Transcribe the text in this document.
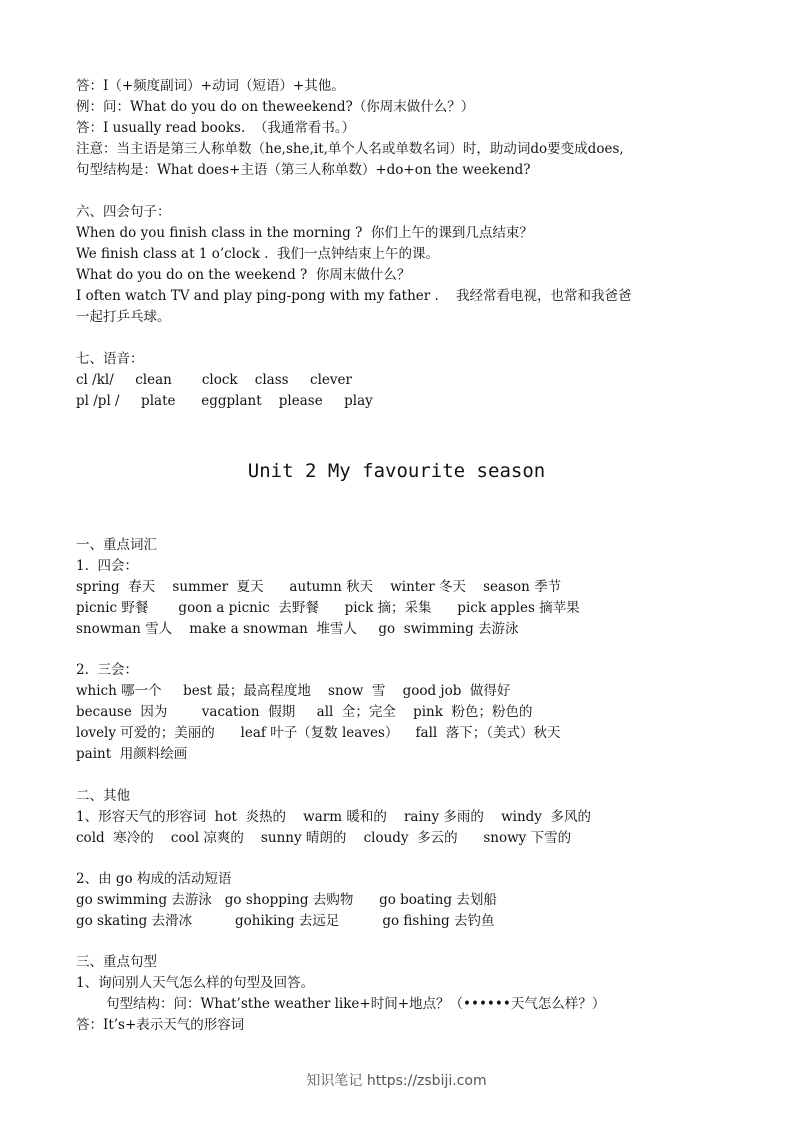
答：I（+频度副词）+动词（短语）+其他。
例：问：What do you do on theweekend?（你周末做什么？）
答：I usually read books.  （我通常看书。）
注意：当主语是第三人称单数（he,she,it,单个人名或单数名词）时，助动词do要变成does,
句型结构是：What does+主语（第三人称单数）+do+on the weekend?
六、四会句子：
When do you finish class in the morning ?  你们上午的课到几点结束？
We finish class at 1 o’clock .  我们一点钟结束上午的课。
What do you do on the weekend ?  你周末做什么？
I often watch TV and play ping-pong with my father .    我经常看电视，也常和我爸爸
一起打乒乓球。
七、语音：
cl /kl/     clean       clock    class     clever
pl /pl /     plate      eggplant    please     play
Unit 2 My favourite season
一、重点词汇
1.  四会：
spring  春天    summer  夏天      autumn 秋天    winter 冬天    season 季节
picnic 野餐       goon a picnic  去野餐      pick 摘；采集      pick apples 摘苹果
snowman 雪人    make a snowman  堆雪人     go  swimming 去游泳
2.  三会：
which 哪一个     best 最；最高程度地    snow  雪    good job  做得好
because  因为        vacation  假期     all  全；完全    pink  粉色；粉色的
lovely 可爱的；美丽的      leaf 叶子（复数 leaves）    fall  落下；（美式）秋天
paint  用颜料绘画
二、其他
1、形容天气的形容词  hot  炎热的    warm 暖和的    rainy 多雨的    windy  多风的
cold  寒冷的    cool 凉爽的    sunny 晴朗的    cloudy  多云的      snowy 下雪的
2、由 go 构成的活动短语
go swimming 去游泳   go shopping 去购物      go boating 去划船
go skating 去滑冰          gohiking 去远足          go fishing 去钓鱼
三、重点句型
1、询问别人天气怎么样的句型及回答。
句型结构：问：What’sthe weather like+时间+地点？（••••••天气怎么样？）
答：It’s+表示天气的形容词
知识笔记 https://zsbiji.com
